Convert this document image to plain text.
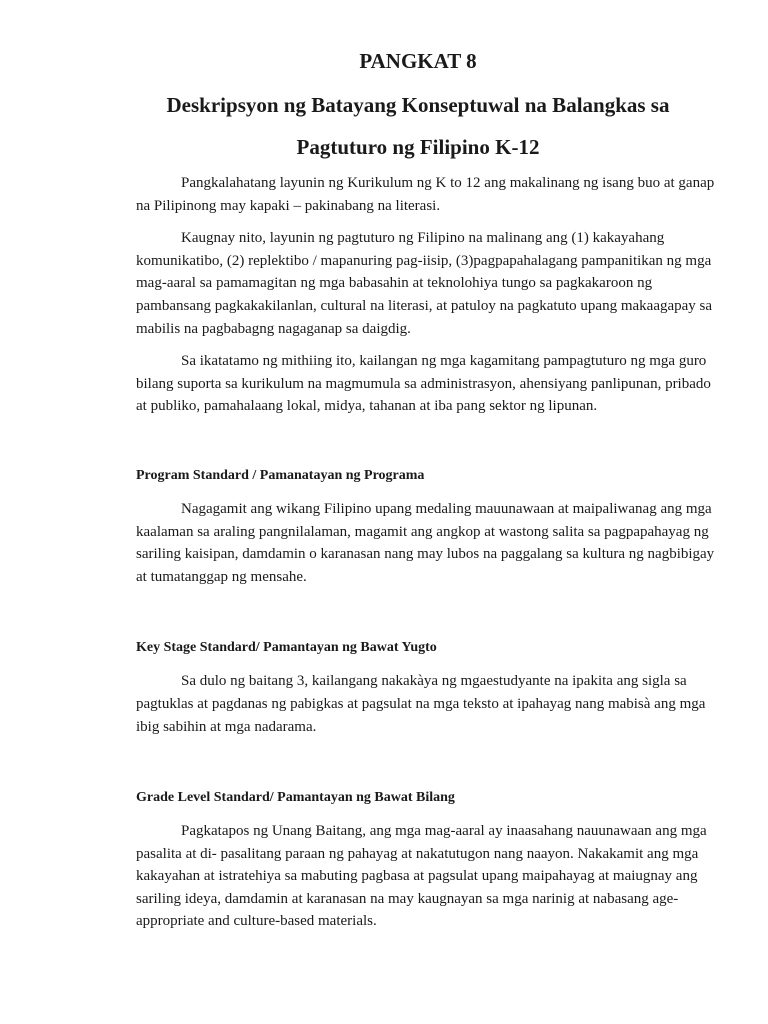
PANGKAT 8
Deskripsyon ng Batayang Konseptuwal na Balangkas sa
Pagtuturo ng Filipino K-12

Pangkalahatang layunin ng Kurikulum ng K to 12 ang makalinang ng isang buo at ganap na Pilipinong may kapaki – pakinabang na literasi.

Kaugnay nito, layunin ng pagtuturo ng Filipino na malinang ang (1) kakayahang komunikatibo, (2) replektibo / mapanuring pag-iisip, (3)pagpapahalagang pampanitikan ng mga mag-aaral sa pamamagitan ng mga babasahin at teknolohiya tungo sa pagkakaroon ng pambansang pagkakakilanlan, cultural na literasi, at patuloy na pagkatuto upang makaagapay sa mabilis na pagbabagng nagaganap sa daigdig.

Sa ikatatamo ng mithiing ito, kailangan ng mga kagamitang pampagtuturo ng mga guro bilang suporta sa kurikulum na magmumula sa administrasyon, ahensiyang panlipunan, pribado at publiko, pamahalaang lokal, midya, tahanan at iba pang sektor ng lipunan.

Program Standard / Pamanatayan ng Programa

Nagagamit ang wikang Filipino upang medaling mauunawaan at maipaliwanag ang mga kaalaman sa araling pangnilalaman, magamit ang angkop at wastong salita sa pagpapahayag ng sariling kaisipan, damdamin o karanasan nang may lubos na paggalang sa kultura ng nagbibigay at tumatanggap ng mensahe.

Key Stage Standard/ Pamantayan ng Bawat Yugto

Sa dulo ng baitang 3, kailangang nakakàya ng mgaestudyante na ipakita ang sigla sa pagtuklas at pagdanas ng pabigkas at pagsulat na mga teksto at ipahayag nang mabisà ang mga ibig sabihin at mga nadarama.

Grade Level Standard/ Pamantayan ng Bawat Bilang

Pagkatapos ng Unang Baitang, ang mga mag-aaral ay inaasahang nauunawaan ang mga pasalita at di- pasalitang paraan ng pahayag at nakatutugon nang naayon. Nakakamit ang mga kakayahan at istratehiya sa mabuting pagbasa at pagsulat upang maipahayag at maiugnay ang sariling ideya, damdamin at karanasan na may kaugnayan sa mga narinig at nabasang age-appropriate and culture-based materials.
